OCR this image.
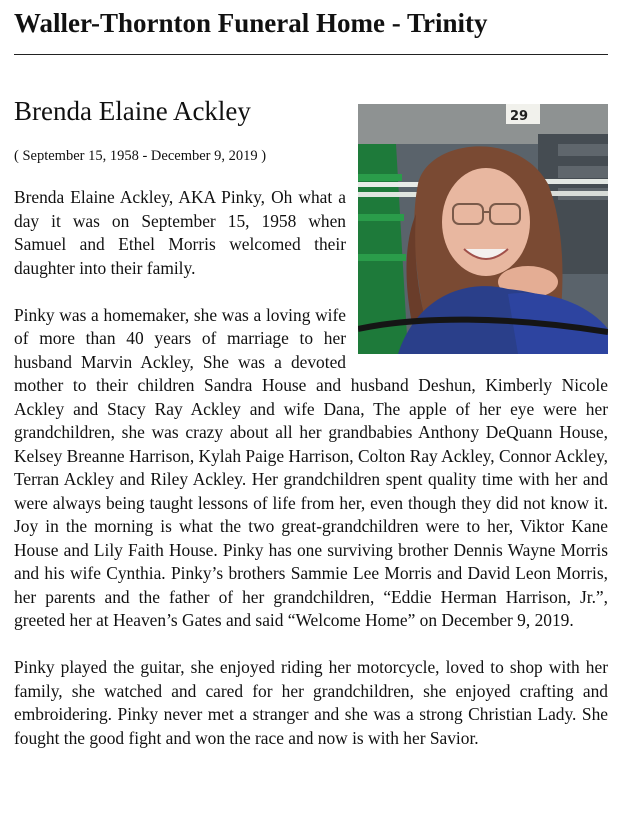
Waller-Thornton Funeral Home - Trinity
Brenda Elaine Ackley
( September 15, 1958 - December 9, 2019 )
29

Brenda Elaine Ackley, AKA Pinky, Oh what a day it was on September 15, 1958 when Samuel and Ethel Morris welcomed their daughter into their family.

Pinky was a homemaker, she was a loving wife of more than 40 years of marriage to her husband Marvin Ackley, She was a devoted mother to their children Sandra House and husband Deshun, Kimberly Nicole Ackley and Stacy Ray Ackley and wife Dana, The apple of her eye were her grandchildren, she was crazy about all her grandbabies Anthony DeQuann House, Kelsey Breanne Harrison, Kylah Paige Harrison, Colton Ray Ackley, Connor Ackley, Terran Ackley and Riley Ackley. Her grandchildren spent quality time with her and were always being taught lessons of life from her, even though they did not know it. Joy in the morning is what the two great-grandchildren were to her, Viktor Kane House and Lily Faith House. Pinky has one surviving brother Dennis Wayne Morris and his wife Cynthia. Pinky’s brothers Sammie Lee Morris and David Leon Morris, her parents and the father of her grandchildren, “Eddie Herman Harrison, Jr.”, greeted her at Heaven’s Gates and said “Welcome Home” on December 9, 2019.

Pinky played the guitar, she enjoyed riding her motorcycle, loved to shop with her family, she watched and cared for her grandchildren, she enjoyed crafting and embroidering. Pinky never met a stranger and she was a strong Christian Lady. She fought the good fight and won the race and now is with her Savior.
